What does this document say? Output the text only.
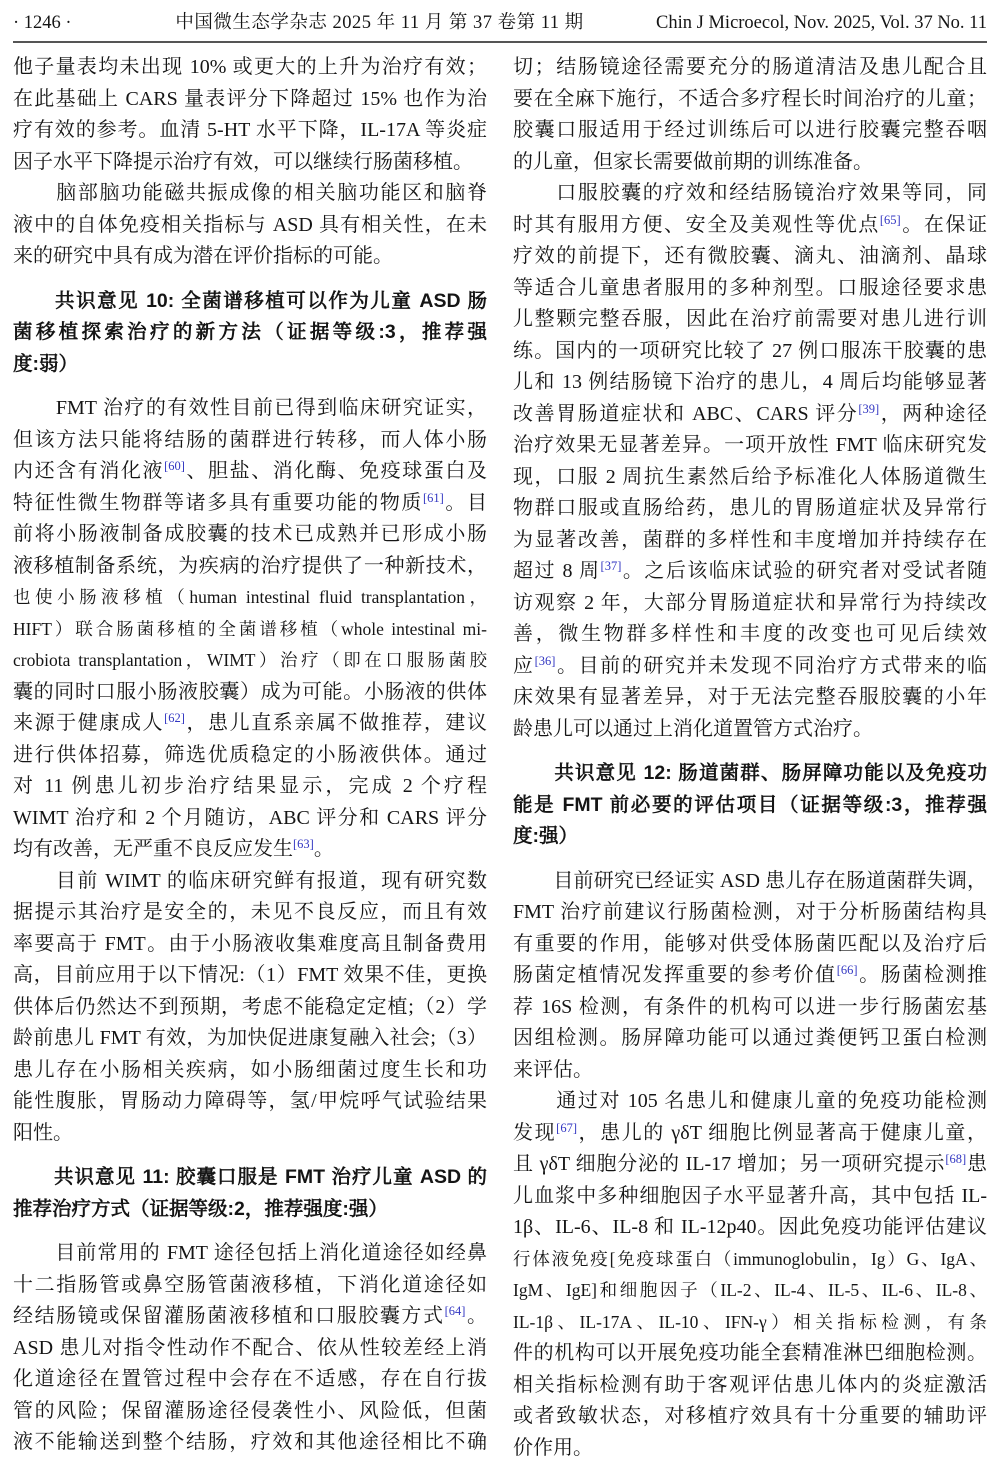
· 1246 ·	中国微生态学杂志 2025 年 11 月 第 37 卷第 11 期	Chin J Microecol, Nov. 2025, Vol. 37 No. 11
他子量表均未出现 10% 或更大的上升为治疗有效；
在此基础上 CARS 量表评分下降超过 15% 也作为治
疗有效的参考。血清 5-HT 水平下降，IL-17A 等炎症
因子水平下降提示治疗有效，可以继续行肠菌移植。
　　脑部脑功能磁共振成像的相关脑功能区和脑脊
液中的自体免疫相关指标与 ASD 具有相关性，在未
来的研究中具有成为潜在评价指标的可能。
　　共识意见 10: 全菌谱移植可以作为儿童 ASD 肠
菌移植探索治疗的新方法（证据等级:3，推荐强
度:弱）
　　FMT 治疗的有效性目前已得到临床研究证实，
但该方法只能将结肠的菌群进行转移，而人体小肠
内还含有消化液[60]、胆盐、消化酶、免疫球蛋白及
特征性微生物群等诸多具有重要功能的物质[61]。目
前将小肠液制备成胶囊的技术已成熟并已形成小肠
液移植制备系统，为疾病的治疗提供了一种新技术，
也使小肠液移植（human intestinal fluid transplantation，
HIFT）联合肠菌移植的全菌谱移植（whole intestinal mi-
crobiota transplantation，WIMT）治疗（即在口服肠菌胶
囊的同时口服小肠液胶囊）成为可能。小肠液的供体
来源于健康成人[62]，患儿直系亲属不做推荐，建议
进行供体招募，筛选优质稳定的小肠液供体。通过
对 11 例患儿初步治疗结果显示，完成 2 个疗程
WIMT 治疗和 2 个月随访，ABC 评分和 CARS 评分
均有改善，无严重不良反应发生[63]。
　　目前 WIMT 的临床研究鲜有报道，现有研究数
据提示其治疗是安全的，未见不良反应，而且有效
率要高于 FMT。由于小肠液收集难度高且制备费用
高，目前应用于以下情况:（1）FMT 效果不佳，更换
供体后仍然达不到预期，考虑不能稳定定植;（2）学
龄前患儿 FMT 有效，为加快促进康复融入社会;（3）
患儿存在小肠相关疾病，如小肠细菌过度生长和功
能性腹胀，胃肠动力障碍等，氢/甲烷呼气试验结果
阳性。
　　共识意见 11: 胶囊口服是 FMT 治疗儿童 ASD 的
推荐治疗方式（证据等级:2，推荐强度:强）
　　目前常用的 FMT 途径包括上消化道途径如经鼻
十二指肠管或鼻空肠管菌液移植，下消化道途径如
经结肠镜或保留灌肠菌液移植和口服胶囊方式[64]。
ASD 患儿对指令性动作不配合、依从性较差经上消
化道途径在置管过程中会存在不适感，存在自行拔
管的风险；保留灌肠途径侵袭性小、风险低，但菌
液不能输送到整个结肠，疗效和其他途径相比不确
切；结肠镜途径需要充分的肠道清洁及患儿配合且
要在全麻下施行，不适合多疗程长时间治疗的儿童；
胶囊口服适用于经过训练后可以进行胶囊完整吞咽
的儿童，但家长需要做前期的训练准备。
　　口服胶囊的疗效和经结肠镜治疗效果等同，同
时其有服用方便、安全及美观性等优点[65]。在保证
疗效的前提下，还有微胶囊、滴丸、油滴剂、晶球
等适合儿童患者服用的多种剂型。口服途径要求患
儿整颗完整吞服，因此在治疗前需要对患儿进行训
练。国内的一项研究比较了 27 例口服冻干胶囊的患
儿和 13 例结肠镜下治疗的患儿，4 周后均能够显著
改善胃肠道症状和 ABC、CARS 评分[39]，两种途径
治疗效果无显著差异。一项开放性 FMT 临床研究发
现，口服 2 周抗生素然后给予标准化人体肠道微生
物群口服或直肠给药，患儿的胃肠道症状及异常行
为显著改善，菌群的多样性和丰度增加并持续存在
超过 8 周[37]。之后该临床试验的研究者对受试者随
访观察 2 年，大部分胃肠道症状和异常行为持续改
善，微生物群多样性和丰度的改变也可见后续效
应[36]。目前的研究并未发现不同治疗方式带来的临
床效果有显著差异，对于无法完整吞服胶囊的小年
龄患儿可以通过上消化道置管方式治疗。
　　共识意见 12: 肠道菌群、肠屏障功能以及免疫功
能是 FMT 前必要的评估项目（证据等级:3，推荐强
度:强）
　　目前研究已经证实 ASD 患儿存在肠道菌群失调，
FMT 治疗前建议行肠菌检测，对于分析肠菌结构具
有重要的作用，能够对供受体肠菌匹配以及治疗后
肠菌定植情况发挥重要的参考价值[66]。肠菌检测推
荐 16S 检测，有条件的机构可以进一步行肠菌宏基
因组检测。肠屏障功能可以通过粪便钙卫蛋白检测
来评估。
　　通过对 105 名患儿和健康儿童的免疫功能检测
发现[67]，患儿的 γδT 细胞比例显著高于健康儿童，
且 γδT 细胞分泌的 IL-17 增加；另一项研究提示[68]患
儿血浆中多种细胞因子水平显著升高，其中包括 IL-
1β、IL-6、IL-8 和 IL-12p40。因此免疫功能评估建议
行体液免疫[免疫球蛋白（immunoglobulin，Ig）G、IgA、
IgM、IgE]和细胞因子（IL-2、IL-4、IL-5、IL-6、IL-8、
IL-1β、IL-17A、IL-10、IFN-γ）相关指标检测，有条
件的机构可以开展免疫功能全套精准淋巴细胞检测。
相关指标检测有助于客观评估患儿体内的炎症激活
或者致敏状态，对移植疗效具有十分重要的辅助评
价作用。
